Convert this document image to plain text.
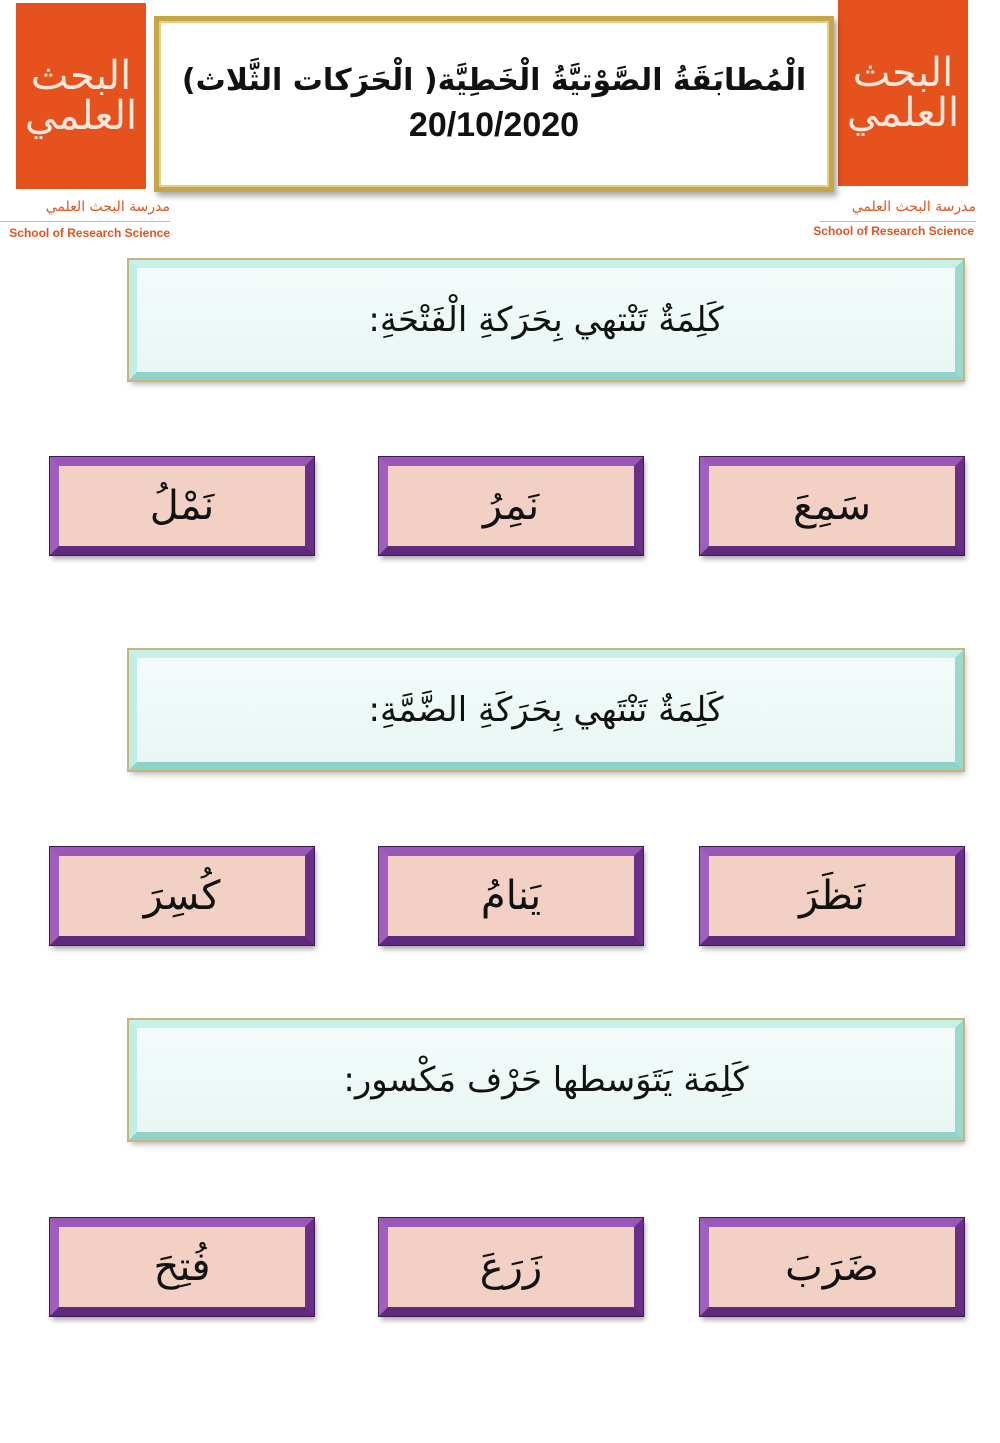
البحث العلمي
مدرسة البحث العلمي
School of Research Science
البحث العلمي
مدرسة البحث العلمي
School of Research Science
الْمُطابَقَةُ الصَّوْتيَّةُ الْخَطِيَّة( الْحَرَكات الثَّلاث)
20/10/2020
كَلِمَةٌ تَنْتهي بِحَرَكةِ الْفَتْحَةِ:
سَمِعَ
نَمِرُ
نَمْلُ
كَلِمَةٌ تَنْتَهي بِحَرَكَةِ الضَّمَّةِ:
نَظَرَ
يَنامُ
كُسِرَ
كَلِمَة يَتَوَسطها حَرْف مَكْسور:
ضَرَبَ
زَرَعَ
فُتِحَ
